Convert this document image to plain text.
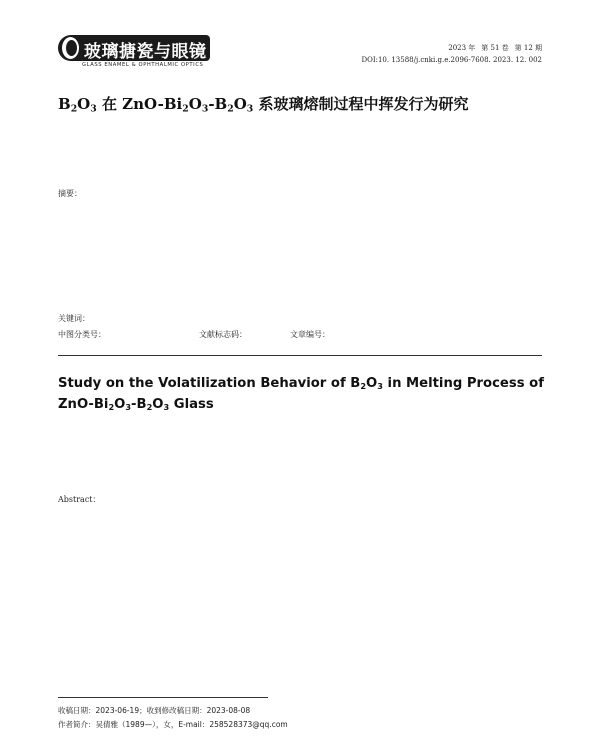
玻璃搪瓷与眼镜
GLASS ENAMEL & OPHTHALMIC OPTICS
2023 年 第 51 卷 第 12 期
DOI:10. 13588/j.cnki.g.e.2096-7608. 2023. 12. 002
$B_2O_3$ 在 ZnO-$Bi_2O_3-B_2O_3$ 系玻璃熔制过程中挥发行为研究
摘要：
关键词：
中图分类号：	文献标志码：	文章编号：
Study on the Volatilization Behavior of $B_2O_3$ in Melting Process of ZnO-$Bi_2O_3-B_2O_3$ Glass
Abstract：
收稿日期：2023-06-19；收到修改稿日期：2023-08-08
作者简介：吴倩雅（1989—），女，E-mail：258528373@qq.com
